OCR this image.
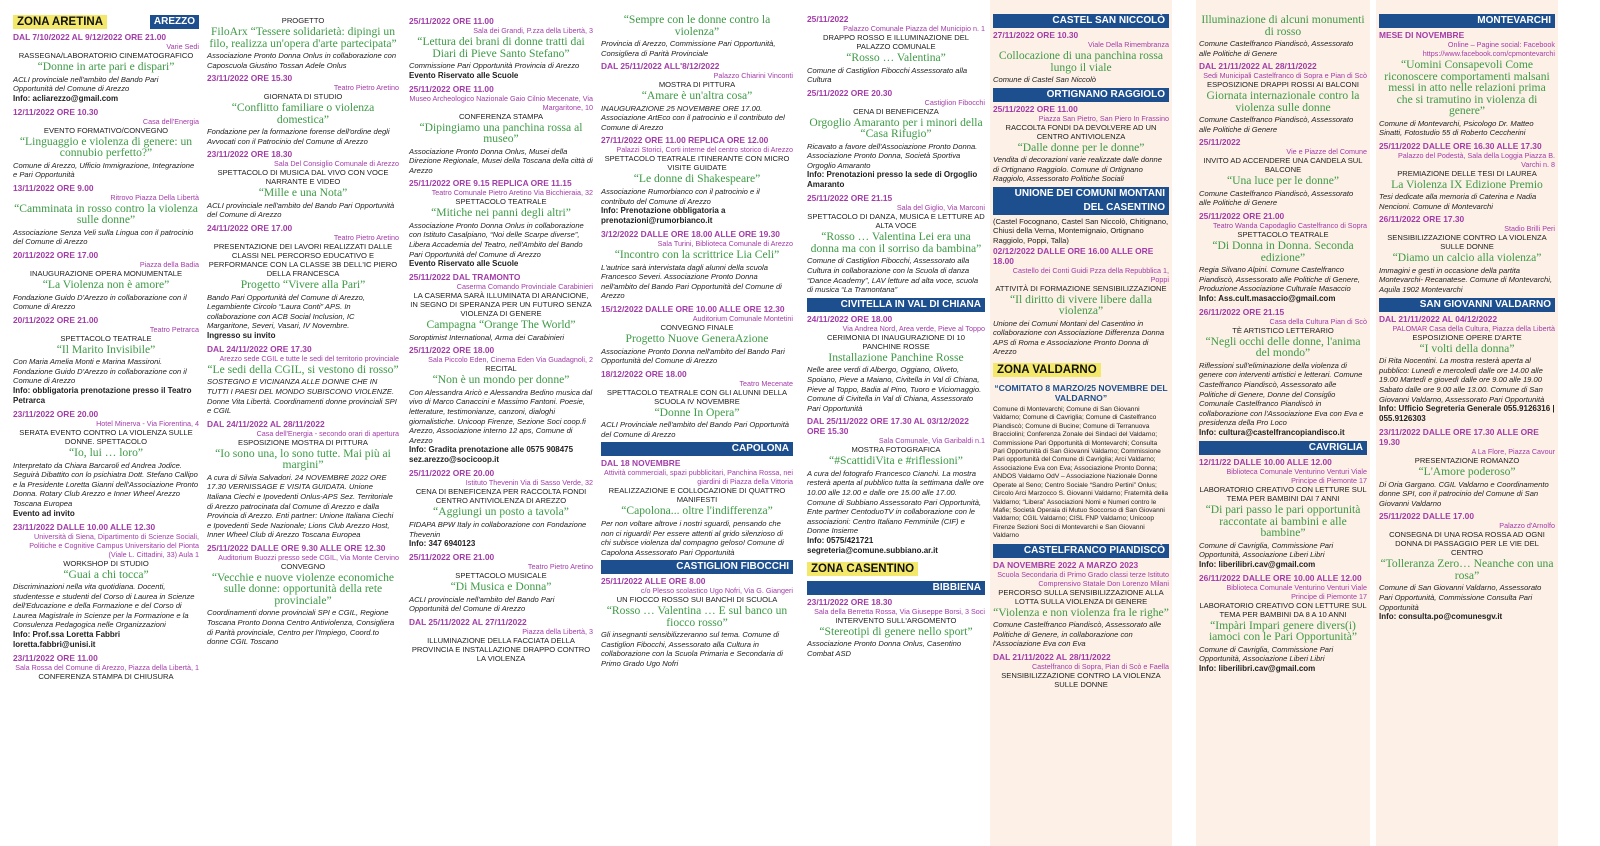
ZONA ARETINA	AREZZO
DAL 7/10/2022 AL 9/12/2022 ORE 21.00
Varie Sedi
RASSEGNA/LABORATORIO CINEMATOGRAFICO
“Donne in arte pari e dispari”
ACLI provinciale nell'ambito del Bando Pari Opportunità del Comune di Arezzo
Info: acliarezzo@gmail.com
12/11/2022 ORE 10.30
Casa dell'Energia
EVENTO FORMATIVO/CONVEGNO
“Linguaggio e violenza di genere: un connubio perfetto?”
Comune di Arezzo, Ufficio Immigrazione, Integrazione e Pari Opportunità
13/11/2022 ORE 9.00
Ritrovo Piazza Della Libertà
“Camminata in rosso contro la violenza sulle donne”
Associazione Senza Veli sulla Lingua con il patrocinio del Comune di Arezzo
20/11/2022 ORE 17.00
Piazza della Badia
INAUGURAZIONE OPERA MONUMENTALE
“La Violenza non è amore”
Fondazione Guido D'Arezzo in collaborazione con il Comune di Arezzo
20/11/2022 ORE 21.00
Teatro Petrarca
SPETTACOLO TEATRALE
“Il Marito Invisibile”
Con Maria Amelia Monti e Marina Massironi. Fondazione Guido D'Arezzo in collaborazione con il Comune di Arezzo
Info: obbligatoria prenotazione presso il Teatro Petrarca
23/11/2022 ORE 20.00
Hotel Minerva - Via Fiorentina, 4
SERATA EVENTO CONTRO LA VIOLENZA SULLE DONNE. SPETTACOLO
“Io, lui … loro”
Interpretato da Chiara Barcaroli ed Andrea Jodice. Seguirà Dibattito con lo psichiatra Dott. Stefano Callipo e la Presidente Loretta Gianni dell'Associazione Pronto Donna. Rotary Club Arezzo e Inner Wheel Arezzo Toscana Europea
Evento ad invito
23/11/2022 DALLE 10.00 ALLE 12.30
Università di Siena, Dipartimento di Scienze Sociali, Politiche e Cognitive Campus Universitario del Pionta (Viale L. Cittadini, 33) Aula 1
WORKSHOP DI STUDIO
“Guai a chi tocca”
Discriminazioni nella vita quotidiana. Docenti, studentesse e studenti del Corso di Laurea in Scienze dell'Educazione e della Formazione e del Corso di Laurea Magistrale in Scienze per la Formazione e la Consulenza Pedagogica nelle Organizzazioni
Info: Prof.ssa Loretta Fabbri loretta.fabbri@unisi.it
23/11/2022 ORE 11.00
Sala Rossa del Comune di Arezzo, Piazza della Libertà, 1
CONFERENZA STAMPA DI CHIUSURA
PROGETTO
FiloArx “Tessere solidarietà: dipingi un filo, realizza un'opera d'arte partecipata”
Associazione Pronto Donna Onlus in collaborazione con Caposcuola Giustino Tossan Adele Onlus
23/11/2022 ORE 15.30
Teatro Pietro Aretino
GIORNATA DI STUDIO
“Conflitto familiare o violenza domestica”
Fondazione per la formazione forense dell'ordine degli Avvocati con il Patrocinio del Comune di Arezzo
23/11/2022 ORE 18.30
Sala Del Consiglio Comunale di Arezzo
SPETTACOLO DI MUSICA DAL VIVO CON VOCE NARRANTE E VIDEO
“Mille e una Nota”
ACLI provinciale nell'ambito del Bando Pari Opportunità del Comune di Arezzo
24/11/2022 ORE 17.00
Teatro Pietro Aretino
PRESENTAZIONE DEI LAVORI REALIZZATI DALLE CLASSI NEL PERCORSO EDUCATIVO E PERFORMANCE CON LA CLASSE 3B DELL'IC PIERO DELLA FRANCESCA
Progetto “Vivere alla Pari”
Bando Pari Opportunità del Comune di Arezzo, Legambiente Circolo “Laura Conti” APS. In collaborazione con ACB Social Inclusion, IC Margaritone, Severi, Vasari, IV Novembre.
Ingresso su invito
DAL 24/11/2022 ORE 17.30
Arezzo sede CGIL e tutte le sedi del territorio provinciale
“Le sedi della CGIL, si vestono di rosso”
SOSTEGNO E VICINANZA ALLE DONNE CHE IN TUTTI I PAESI DEL MONDO SUBISCONO VIOLENZE. Donne Vita Libertà. Coordinamenti donne provinciali SPI e CGIL
DAL 24/11/2022 AL 28/11/2022
Casa dell'Energia - secondo orari di apertura
ESPOSIZIONE MOSTRA DI PITTURA
“Io sono una, lo sono tutte. Mai più ai margini”
A cura di Silvia Salvadori. 24 NOVEMBRE 2022 ORE 17.30 VERNISSAGE E VISITA GUIDATA. Unione Italiana Ciechi e Ipovedenti Onlus-APS Sez. Territoriale di Arezzo patrocinata dal Comune di Arezzo e dalla Provincia di Arezzo. Enti partner: Unione Italiana Ciechi e Ipovedenti Sede Nazionale; Lions Club Arezzo Host, Inner Wheel Club di Arezzo Toscana Europea
25/11/2022 DALLE ORE 9.30 ALLE ORE 12.30
Auditorium Buozzi presso sede CGIL, Via Monte Cervino
CONVEGNO
“Vecchie e nuove violenze economiche sulle donne: opportunità della rete provinciale”
Coordinamenti donne provinciali SPI e CGIL, Regione Toscana Pronto Donna Centro Antiviolenza, Consigliera di Parità provinciale, Centro per l'Impiego, Coord.to donne CGIL Toscano
25/11/2022 ORE 11.00
Sala dei Grandi, P.zza della Libertà, 3
“Lettura dei brani di donne tratti dai Diari di Pieve Santo Stefano”
Commissione Pari Opportunità Provincia di Arezzo
Evento Riservato alle Scuole
25/11/2022 ORE 11.00
Museo Archeologico Nazionale Gaio Cilnio Mecenate, Via Margaritone, 10
CONFERENZA STAMPA
“Dipingiamo una panchina rossa al museo”
Associazione Pronto Donna Onlus, Musei della Direzione Regionale, Musei della Toscana della città di Arezzo
25/11/2022 ORE 9.15 REPLICA ORE 11.15
Teatro Comunale Pietro Aretino Via Bicchieraia, 32
SPETTACOLO TEATRALE
“Mitiche nei panni degli altri”
Associazione Pronto Donna Onlus in collaborazione con Istituto Casalpiano, “Noi delle Scarpe diverse”, Libera Accademia del Teatro, nell'Ambito del Bando Pari Opportunità del Comune di Arezzo
Evento Riservato alle Scuole
25/11/2022 DAL TRAMONTO
Caserma Comando Provinciale Carabinieri
LA CASERMA SARÀ ILLUMINATA DI ARANCIONE, IN SEGNO DI SPERANZA PER UN FUTURO SENZA VIOLENZA DI GENERE
Campagna “Orange The World”
Soroptimist International, Arma dei Carabinieri
25/11/2022 ORE 18.00
Sala Piccolo Eden, Cinema Eden Via Guadagnoli, 2
RECITAL
“Non è un mondo per donne”
Con Alessandra Aricò e Alessandra Bedino musica dal vivo di Marco Canaccini e Massimo Fantoni. Poesie, letterature, testimonianze, canzoni, dialoghi giornalistiche. Unicoop Firenze, Sezione Soci coop.fi Arezzo, Associazione interno 12 aps, Comune di Arezzo
Info: Gradita prenotazione alle 0575 908475 sez.arezzo@socicoop.it
25/11/2022 ORE 20.00
Istituto Thevenin Via di Sasso Verde, 32
CENA DI BENEFICENZA PER RACCOLTA FONDI CENTRO ANTIVIOLENZA DI AREZZO
“Aggiungi un posto a tavola”
FIDAPA BPW Italy in collaborazione con Fondazione Thevenin
Info: 347 6940123
25/11/2022 ORE 21.00
Teatro Pietro Aretino
SPETTACOLO MUSICALE
“Di Musica e Donna”
ACLI provinciale nell'ambito del Bando Pari Opportunità del Comune di Arezzo
DAL 25/11/2022 AL 27/11/2022
Piazza della Libertà, 3
ILLUMINAZIONE DELLA FACCIATA DELLA PROVINCIA E INSTALLAZIONE DRAPPO CONTRO LA VIOLENZA
“Sempre con le donne contro la violenza”
Provincia di Arezzo, Commissione Pari Opportunità, Consigliera di Parità Provinciale
DAL 25/11/2022 ALL'8/12/2022
Palazzo Chiarini Vinconti
MOSTRA DI PITTURA
“Amare è un'altra cosa”
INAUGURAZIONE 25 NOVEMBRE ORE 17.00. Associazione ArtEco con il patrocinio e il contributo del Comune di Arezzo
27/11/2022 ORE 11.00 REPLICA ORE 12.00
Palazzi Storici, Corti interne del centro storico di Arezzo
SPETTACOLO TEATRALE ITINERANTE CON MICRO VISITE GUIDATE
“Le donne di Shakespeare”
Associazione Rumorbianco con il patrocinio e il contributo del Comune di Arezzo
Info: Prenotazione obbligatoria a prenotazioni@rumorbianco.it
3/12/2022 DALLE ORE 18.00 ALLE ORE 19.30
Sala Turini, Biblioteca Comunale di Arezzo
“Incontro con la scrittrice Lia Celi”
L'autrice sarà intervistata dagli alunni della scuola Francesco Severi. Associazione Pronto Donna nell'ambito del Bando Pari Opportunità del Comune di Arezzo
15/12/2022 DALLE ORE 10.00 ALLE ORE 12.30
Auditorium Comunale Montetini
CONVEGNO FINALE
Progetto Nuove GeneraAzione
Associazione Pronto Donna nell'ambito del Bando Pari Opportunità del Comune di Arezzo
18/12/2022 ORE 18.00
Teatro Mecenate
SPETTACOLO TEATRALE CON GLI ALUNNI DELLA SCUOLA IV NOVEMBRE
“Donne In Opera”
ACLI Provinciale nell'ambito del Bando Pari Opportunità del Comune di Arezzo
CAPOLONA
DAL 18 NOVEMBRE
Attività commerciali, spazi pubblicitari, Panchina Rossa, nei giardini di Piazza della Vittoria
REALIZZAZIONE E COLLOCAZIONE DI QUATTRO MANIFESTI
“Capolona... oltre l'indifferenza”
Per non voltare altrove i nostri sguardi, pensando che non ci riguardi! Per essere attenti al grido silenzioso di chi subisce violenza dal compagno geloso! Comune di Capolona Assessorato Pari Opportunità
CASTIGLION FIBOCCHI
25/11/2022 ALLE ORE 8.00
c/o Plesso scolastico Ugo Nofri, Via G. Giangeri
UN FIOCCO ROSSO SUI BANCHI DI SCUOLA
“Rosso … Valentina … E sul banco un fiocco rosso”
Gli insegnanti sensibilizzeranno sul tema. Comune di Castiglion Fibocchi, Assessorato alla Cultura in collaborazione con la Scuola Primaria e Secondaria di Primo Grado Ugo Nofri
25/11/2022
Palazzo Comunale Piazza del Municipio n. 1
DRAPPO ROSSO E ILLUMINAZIONE DEL PALAZZO COMUNALE
“Rosso … Valentina”
Comune di Castiglion Fibocchi Assessorato alla Cultura
25/11/2022 ORE 20.30
Castiglion Fibocchi
CENA DI BENEFICENZA
Orgoglio Amaranto per i minori della “Casa Rifugio”
Ricavato a favore dell'Associazione Pronto Donna. Associazione Pronto Donna, Società Sportiva Orgoglio Amaranto
Info: Prenotazioni presso la sede di Orgoglio Amaranto
25/11/2022 ORE 21.15
Sala del Giglio, Via Marconi
SPETTACOLO DI DANZA, MUSICA E LETTURE AD ALTA VOCE
“Rosso … Valentina Lei era una donna ma con il sorriso da bambina”
Comune di Castiglion Fibocchi, Assessorato alla Cultura in collaborazione con la Scuola di danza “Dance Academy”, LAV letture ad alta voce, scuola di musica “La Tramontana”
CIVITELLA IN VAL DI CHIANA
24/11/2022 ORE 18.00
Via Andrea Nord, Area verde, Pieve al Toppo
CERIMONIA DI INAUGURAZIONE DI 10 PANCHINE ROSSE
Installazione Panchine Rosse
Nelle aree verdi di Albergo, Oggiano, Oliveto, Spoiano, Pieve a Maiano, Civitella in Val di Chiana, Pieve al Toppo, Badia al Pino, Tuoro e Viciomaggio. Comune di Civitella in Val di Chiana, Assessorato Pari Opportunità
DAL 25/11/2022 ORE 17.30 AL 03/12/2022 ORE 15.30
Sala Comunale, Via Garibaldi n.1
MOSTRA FOTOGRAFICA
“#ScattidiVita e #riflessioni”
A cura del fotografo Francesco Cianchi. La mostra resterà aperta al pubblico tutta la settimana dalle ore 10.00 alle 12.00 e dalle ore 15.00 alle 17.00. Comune di Subbiano Assessorato Pari Opportunità, Ente partner CentoduoTV in collaborazione con le associazioni: Centro Italiano Femminile (CIF) e Donne Insieme
Info: 0575/421721 segreteria@comune.subbiano.ar.it
ZONA CASENTINO
BIBBIENA
23/11/2022 ORE 18.30
Sala della Berretta Rossa, Via Giuseppe Borsi, 3 Soci
INTERVENTO SULL'ARGOMENTO
“Stereotipi di genere nello sport”
Associazione Pronto Donna Onlus, Casentino Combat ASD
CASTEL SAN NICCOLÒ
27/11/2022 ORE 10.30
Viale Della Rimembranza
Collocazione di una panchina rossa lungo il viale
Comune di Castel San Niccolò
ORTIGNANO RAGGIOLO
25/11/2022 ORE 11.00
Piazza San Pietro, San Piero In Frassino
RACCOLTA FONDI DA DEVOLVERE AD UN CENTRO ANTIVIOLENZA
“Dalle donne per le donne”
Vendita di decorazioni varie realizzate dalle donne di Ortignano Raggiolo. Comune di Ortignano Raggiolo, Assessorato Politiche Sociali
UNIONE DEI COMUNI MONTANI DEL CASENTINO
(Castel Focognano, Castel San Niccolò, Chitignano, Chiusi della Verna, Montemignaio, Ortignano Raggiolo, Poppi, Talla)
02/12/2022 DALLE ORE 16.00 ALLE ORE 18.00
Castello dei Conti Guidi Pzza della Repubblica 1, Poppi
ATTIVITÀ DI FORMAZIONE SENSIBILIZZAZIONE
“Il diritto di vivere libere dalla violenza”
Unione dei Comuni Montani del Casentino in collaborazione con Associazione Differenza Donna APS di Roma e Associazione Pronto Donna di Arezzo
ZONA VALDARNO
“COMITATO 8 MARZO/25 NOVEMBRE DEL VALDARNO”
Comune di Montevarchi; Comune di San Giovanni Valdarno; Comune di Cavriglia; Comune di Castelfranco Piandiscò; Comune di Bucine; Comune di Terranuova Bracciolini; Conferenza Zonale dei Sindaci del Valdarno; Commissione Pari Opportunità di Montevarchi; Consulta Pari Opportunità di San Giovanni Valdarno; Commissione Pari opportunità del Comune di Cavriglia; Arci Valdarno; Associazione Eva con Eva; Associazione Pronto Donna; ANDOS Valdarno OdV – Associazione Nazionale Donne Operate al Seno; Centro Sociale “Sandro Pertini” Onlus; Circolo Arci Marzocco S. Giovanni Valdarno; Fraternità della Valdarno; “Libera” Associazioni Nomi e Numeri contro le Mafie; Società Operaia di Mutuo Soccorso di San Giovanni Valdarno; CGIL Valdarno; CISL FNP Valdarno; Unicoop Firenze Sezioni Soci di Montevarchi e San Giovanni Valdarno
CASTELFRANCO PIANDISCÒ
DA NOVEMBRE 2022 A MARZO 2023
Scuola Secondaria di Primo Grado classi terze Istituto Comprensivo Statale Don Lorenzo Milani
PERCORSO SULLA SENSIBILIZZAZIONE ALLA LOTTA SULLA VIOLENZA DI GENERE
“Violenza e non violenza fra le righe”
Comune Castelfranco Piandiscò, Assessorato alle Politiche di Genere, in collaborazione con l'Associazione Eva con Eva
DAL 21/11/2022 AL 28/11/2022
Castelfranco di Sopra, Pian di Scò e Faella
SENSIBILIZZAZIONE CONTRO LA VIOLENZA SULLE DONNE
Illuminazione di alcuni monumenti di rosso
Comune Castelfranco Piandiscò, Assessorato alle Politiche di Genere
DAL 21/11/2022 AL 28/11/2022
Sedi Municipali Castelfranco di Sopra e Pian di Scò
ESPOSIZIONE DRAPPI ROSSI AI BALCONI
Giornata internazionale contro la violenza sulle donne
Comune Castelfranco Piandiscò, Assessorato alle Politiche di Genere
25/11/2022
Vie e Piazze del Comune
INVITO AD ACCENDERE UNA CANDELA SUL BALCONE
“Una luce per le donne”
Comune Castelfranco Piandiscò, Assessorato alle Politiche di Genere
25/11/2022 ORE 21.00
Teatro Wanda Capodaglio Castelfranco di Sopra
SPETTACOLO TEATRALE
“Di Donna in Donna. Seconda edizione”
Regia Silvano Alpini. Comune Castelfranco Piandiscò, Assessorato alle Politiche di Genere, Produzione Associazione Culturale Masaccio
Info: Ass.cult.masaccio@gmail.com
26/11/2022 ORE 21.15
Casa della Cultura Pian di Scò
TÈ ARTISTICO LETTERARIO
“Negli occhi delle donne, l'anima del mondo”
Riflessioni sull'eliminazione della violenza di genere con interventi artistici e letterari. Comune Castelfranco Piandiscò, Assessorato alle Politiche di Genere, Donne del Consiglio Comunale Castelfranco Piandiscò in collaborazione con l'Associazione Eva con Eva e presidenza della Pro Loco
Info: cultura@castelfrancopiandisco.it
CAVRIGLIA
12/11/22 DALLE 10.00 ALLE 12.00
Biblioteca Comunale Venturino Venturi Viale Principe di Piemonte 17
LABORATORIO CREATIVO CON LETTURE SUL TEMA PER BAMBINI DAI 7 ANNI
“Di pari passo le pari opportunità raccontate ai bambini e alle bambine”
Comune di Cavriglia, Commissione Pari Opportunità, Associazione Liberi Libri
Info: liberilibri.cav@gmail.com
26/11/2022 DALLE ORE 10.00 ALLE 12.00
Biblioteca Comunale Venturino Venturi Viale Principe di Piemonte 17
LABORATORIO CREATIVO CON LETTURE SUL TEMA PER BAMBINI DA 8 A 10 ANNI
“Impàri Impari genere divers(i) iamoci con le Pari Opportunità”
Comune di Cavriglia, Commissione Pari Opportunità, Associazione Liberi Libri
Info: liberilibri.cav@gmail.com
MONTEVARCHI
MESE DI NOVEMBRE
Online – Pagine social: Facebook https://www.facebook.com/cpmontevarchi
“Uomini Consapevoli Come riconoscere comportamenti malsani messi in atto nelle relazioni prima che si tramutino in violenza di genere”
Comune di Montevarchi, Psicologo Dr. Matteo Sinatti, Fotostudio 55 di Roberto Ceccherini
25/11/2022 DALLE ORE 16.30 ALLE 17.30
Palazzo del Podestà, Sala della Loggia Piazza B. Varchi n. 8
PREMIAZIONE DELLE TESI DI LAUREA
La Violenza IX Edizione Premio
Tesi dedicate alla memoria di Caterina e Nadia Nencioni. Comune di Montevarchi
26/11/2022 ORE 17.30
Stadio Brilli Peri
SENSIBILIZZAZIONE CONTRO LA VIOLENZA SULLE DONNE
“Diamo un calcio alla violenza”
Immagini e gesti in occasione della partita Montevarchi- Recanatese. Comune di Montevarchi, Aquila 1902 Montevarchi
SAN GIOVANNI VALDARNO
DAL 21/11/2022 AL 04/12/2022
PALOMAR Casa della Cultura, Piazza della Libertà
ESPOSIZIONE OPERE D'ARTE
“I volti della donna”
Di Rita Nocentini. La mostra resterà aperta al pubblico: Lunedì e mercoledì dalle ore 14.00 alle 19.00 Martedì e giovedì dalle ore 9.00 alle 19.00 Sabato dalle ore 9.00 alle 13.00. Comune di San Giovanni Valdarno, Assessorato Pari Opportunità
Info: Ufficio Segreteria Generale 055.9126316 | 055.9126303
23/11/2022 DALLE ORE 17.30 ALLE ORE 19.30
A La Flore, Piazza Cavour
PRESENTAZIONE ROMANZO
“L'Amore poderoso”
Di Oria Gargano. CGIL Valdarno e Coordinamento donne SPI, con il patrocinio del Comune di San Giovanni Valdarno
25/11/2022 DALLE 17.00
Palazzo d'Arnolfo
CONSEGNA DI UNA ROSA ROSSA AD OGNI DONNA DI PASSAGGIO PER LE VIE DEL CENTRO
“Tolleranza Zero… Neanche con una rosa”
Comune di San Giovanni Valdarno, Assessorato Pari Opportunità, Commissione Consulta Pari Opportunità
Info: consulta.po@comunesgv.it
